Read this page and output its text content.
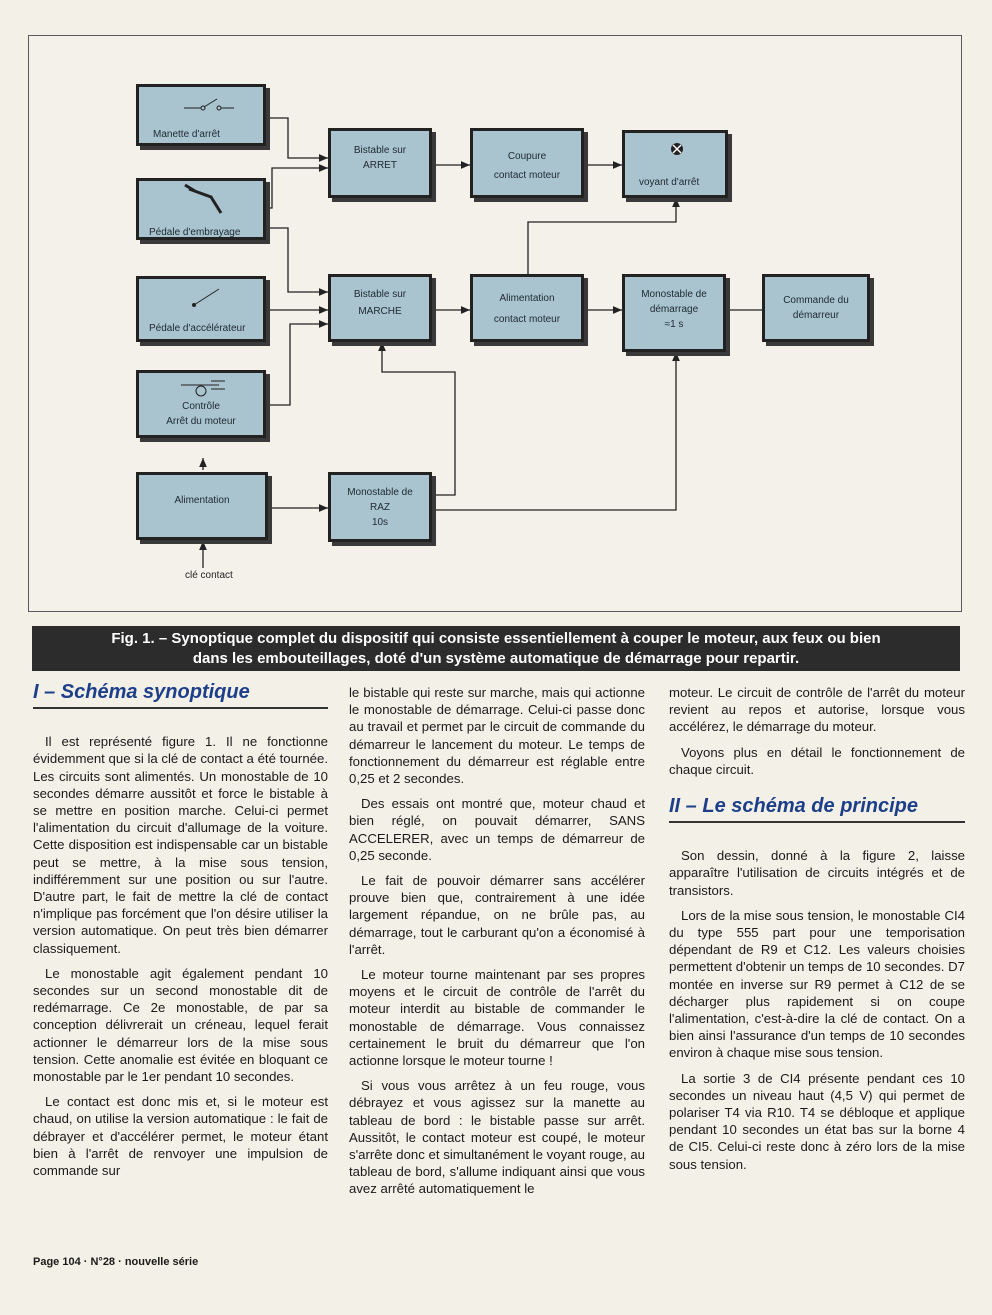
Manette d'arrêt
Pédale d'embrayage
Pédale d'accélérateur
Contrôle
Arrêt du moteur
Alimentation
Bistable sur
ARRET
Coupure
contact moteur
voyant d'arrêt
Bistable sur
MARCHE
Alimentation
contact moteur
Monostable de
démarrage
≈1 s
Commande du
démarreur
Monostable de
RAZ
10s
clé contact
Fig. 1. – Synoptique complet du dispositif qui consiste essentiellement à couper le moteur, aux feux ou bien
dans les embouteillages, doté d'un système automatique de démarrage pour repartir.
I – Schéma synoptique

Il est représenté figure 1. Il ne fonctionne évidemment que si la clé de contact a été tournée. Les circuits sont alimentés. Un monostable de 10 secondes démarre aussitôt et force le bistable à se mettre en position marche. Celui-ci permet l'alimentation du circuit d'allumage de la voiture. Cette disposition est indispensable car un bistable peut se mettre, à la mise sous tension, indifféremment sur une position ou sur l'autre. D'autre part, le fait de mettre la clé de contact n'implique pas forcément que l'on désire utiliser la version automatique. On peut très bien démarrer classiquement.

Le monostable agit également pendant 10 secondes sur un second monostable dit de redémarrage. Ce 2e monostable, de par sa conception délivrerait un créneau, lequel ferait actionner le démarreur lors de la mise sous tension. Cette anomalie est évitée en bloquant ce monostable par le 1er pendant 10 secondes.

Le contact est donc mis et, si le moteur est chaud, on utilise la version automatique : le fait de débrayer et d'accélérer permet, le moteur étant bien à l'arrêt de renvoyer une impulsion de commande sur

le bistable qui reste sur marche, mais qui actionne le monostable de démarrage. Celui-ci passe donc au travail et permet par le circuit de commande du démarreur le lancement du moteur. Le temps de fonctionnement du démarreur est réglable entre 0,25 et 2 secondes.

Des essais ont montré que, moteur chaud et bien réglé, on pouvait démarrer, SANS ACCELERER, avec un temps de démarreur de 0,25 seconde.

Le fait de pouvoir démarrer sans accélérer prouve bien que, contrairement à une idée largement répandue, on ne brûle pas, au démarrage, tout le carburant qu'on a économisé à l'arrêt.

Le moteur tourne maintenant par ses propres moyens et le circuit de contrôle de l'arrêt du moteur interdit au bistable de commander le monostable de démarrage. Vous connaissez certainement le bruit du démarreur que l'on actionne lorsque le moteur tourne !

Si vous vous arrêtez à un feu rouge, vous débrayez et vous agissez sur la manette au tableau de bord : le bistable passe sur arrêt. Aussitôt, le contact moteur est coupé, le moteur s'arrête donc et simultanément le voyant rouge, au tableau de bord, s'allume indiquant ainsi que vous avez arrêté automatiquement le

moteur. Le circuit de contrôle de l'arrêt du moteur revient au repos et autorise, lorsque vous accélérez, le démarrage du moteur.

Voyons plus en détail le fonctionnement de chaque circuit.

II – Le schéma de principe

Son dessin, donné à la figure 2, laisse apparaître l'utilisation de circuits intégrés et de transistors.

Lors de la mise sous tension, le monostable CI4 du type 555 part pour une temporisation dépendant de R9 et C12. Les valeurs choisies permettent d'obtenir un temps de 10 secondes. D7 montée en inverse sur R9 permet à C12 de se décharger plus rapidement si on coupe l'alimentation, c'est-à-dire la clé de contact. On a bien ainsi l'assurance d'un temps de 10 secondes environ à chaque mise sous tension.

La sortie 3 de CI4 présente pendant ces 10 secondes un niveau haut (4,5 V) qui permet de polariser T4 via R10. T4 se débloque et applique pendant 10 secondes un état bas sur la borne 4 de CI5. Celui-ci reste donc à zéro lors de la mise sous tension.

Page 104 · N°28 · nouvelle série
